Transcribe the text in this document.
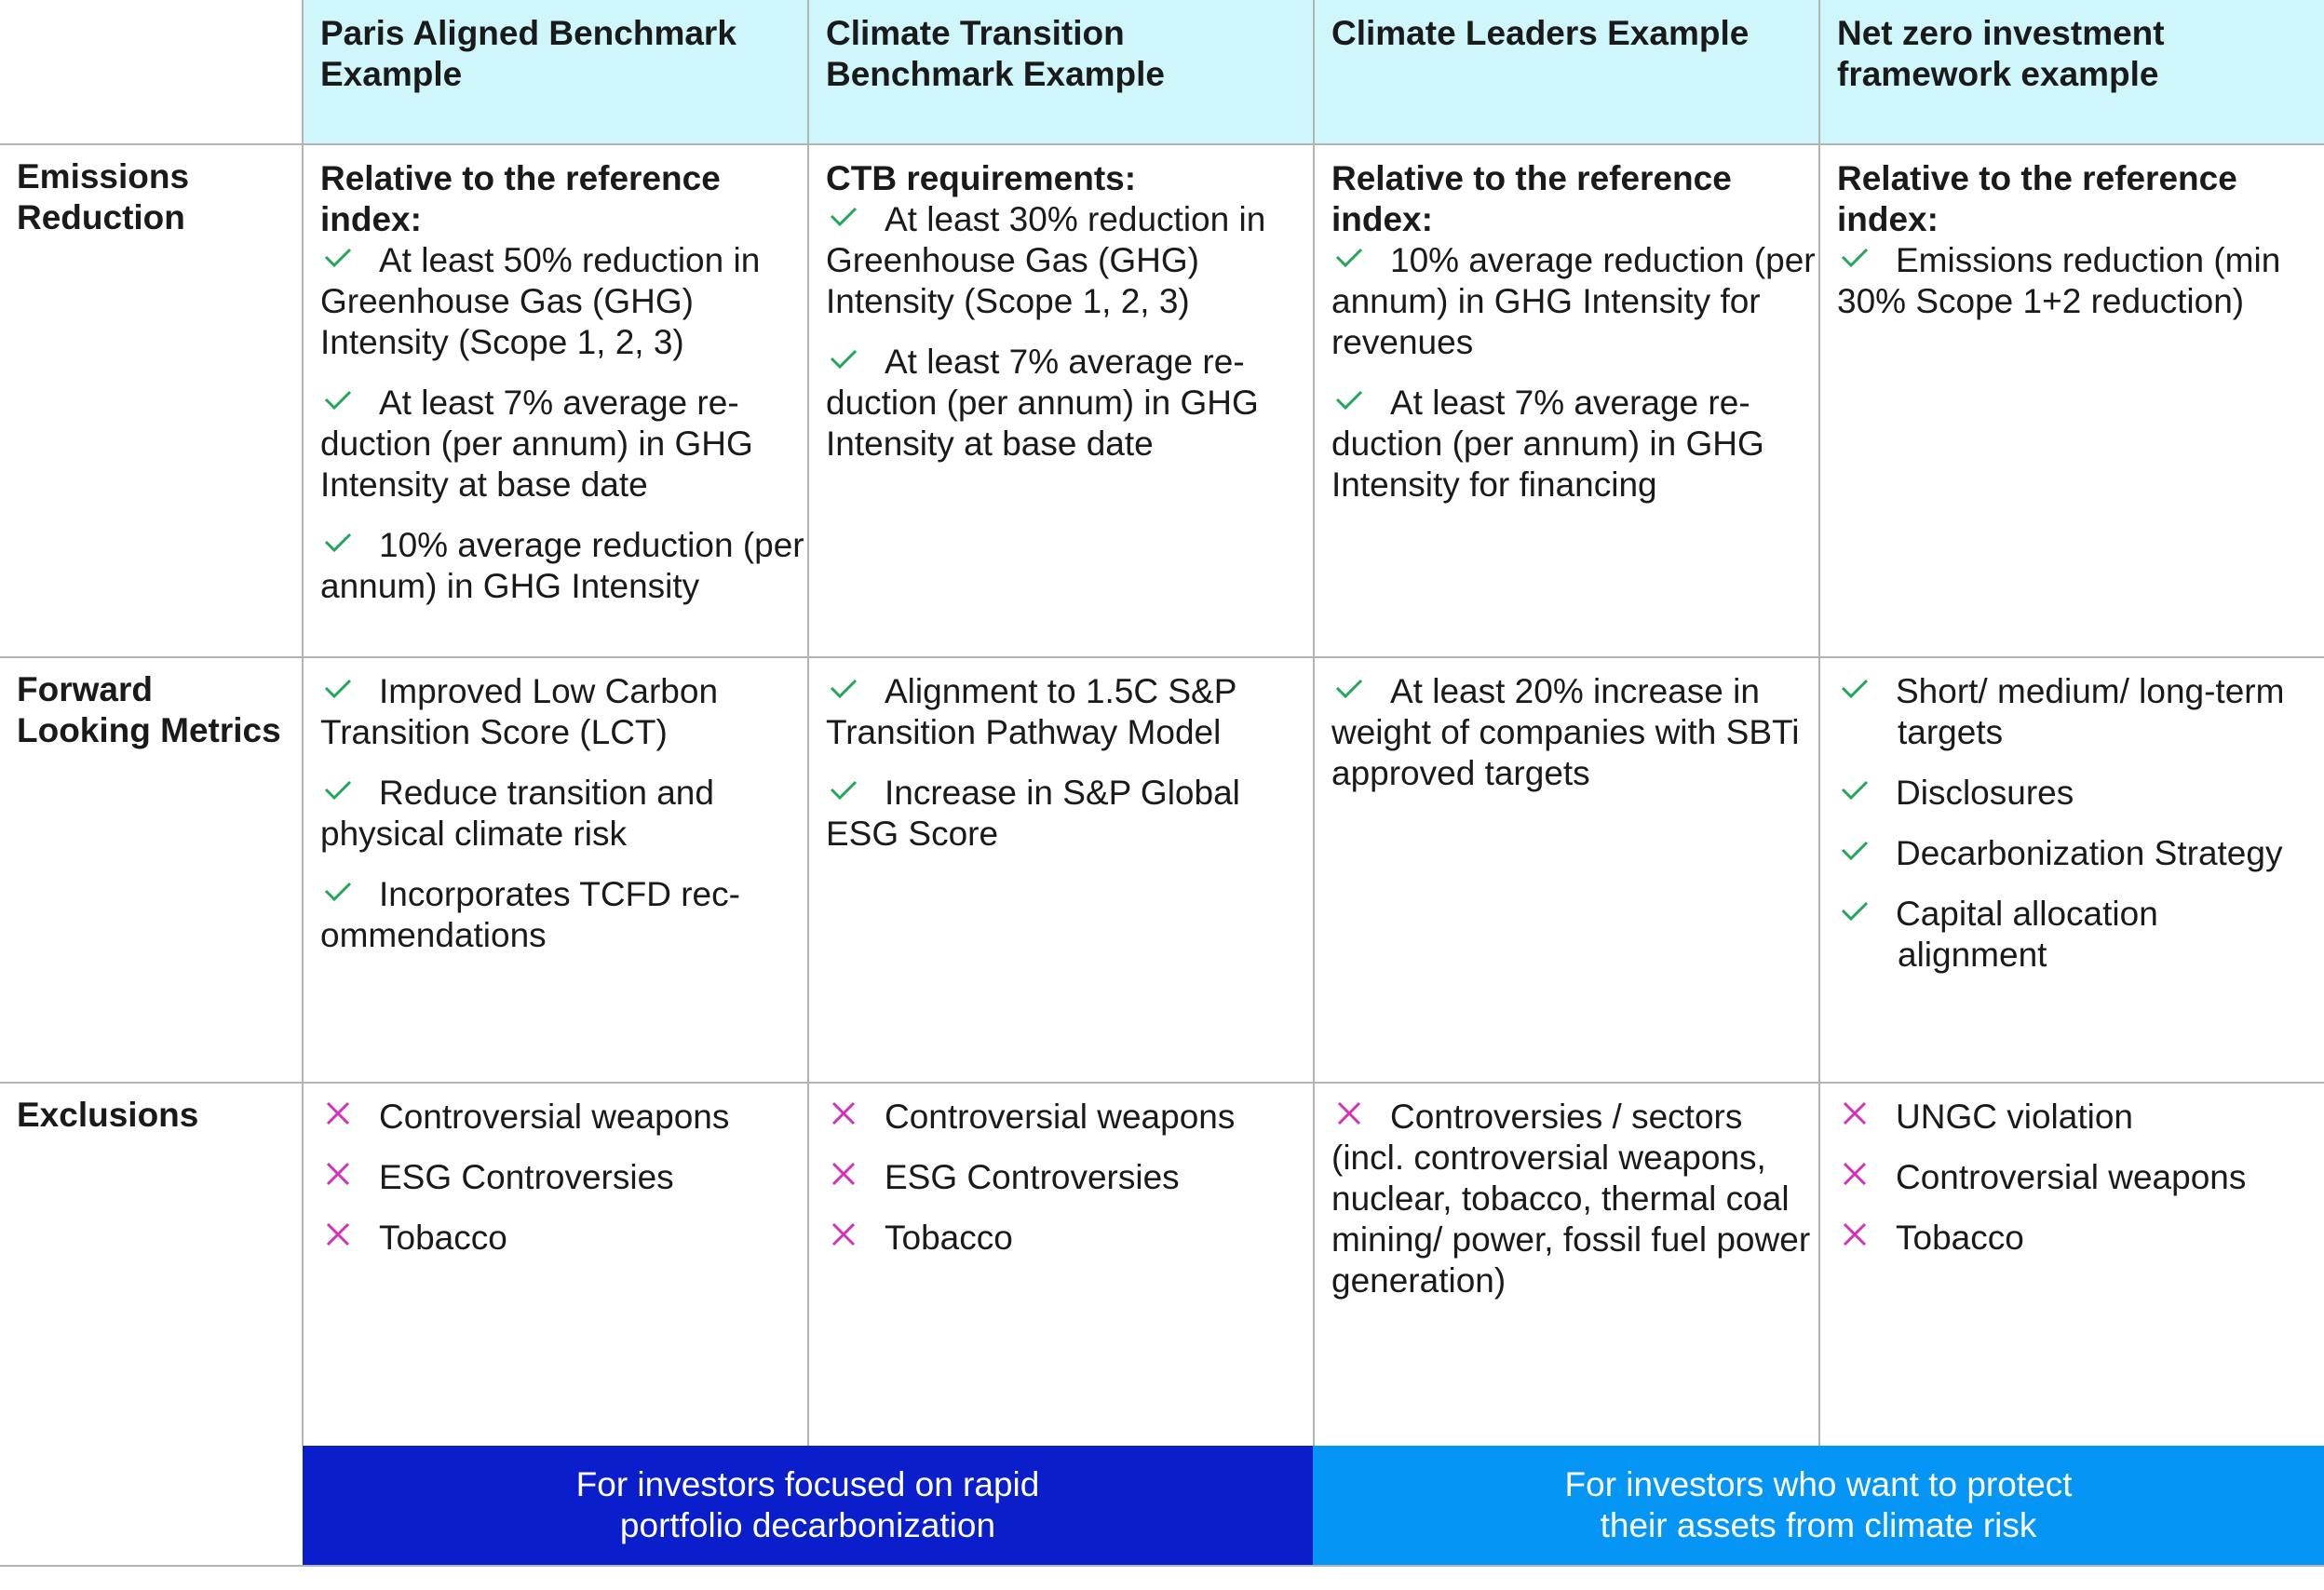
Paris Aligned Benchmark Example
Climate Transition Benchmark Example
Climate Leaders Example	Net zero investment framework example
Emissions Reduction
Forward Looking Metrics
Exclusions
Relative to the reference index:
At least 50% reduction in Greenhouse Gas (GHG) Intensity (Scope 1, 2, 3)
At least 7% average re-duction (per annum) in GHG Intensity at base date
10% average reduction (per annum) in GHG Intensity
CTB requirements:
At least 30% reduction in Greenhouse Gas (GHG) Intensity (Scope 1, 2, 3)
At least 7% average re-duction (per annum) in GHG Intensity at base date
Relative to the reference index:
10% average reduction (per annum) in GHG Intensity for revenues
At least 7% average re-duction (per annum) in GHG Intensity for financing
Relative to the reference index:
Emissions reduction (min 30% Scope 1+2 reduction)
Improved Low Carbon Transition Score (LCT)
Reduce transition and physical climate risk
Incorporates TCFD rec-ommendations
Alignment to 1.5C S&P Transition Pathway Model
Increase in S&P Global ESG Score
At least 20% increase in weight of companies with SBTi approved targets
Short/ medium/ long-term targets
Disclosures
Decarbonization Strategy
Capital allocation alignment
Controversial weapons
ESG Controversies
Tobacco
Controversial weapons
ESG Controversies
Tobacco
Controversies / sectors (incl. controversial weapons, nuclear, tobacco, thermal coal mining/ power, fossil fuel power generation)
UNGC violation
Controversial weapons
Tobacco
For investors focused on rapid portfolio decarbonization
For investors who want to protect their assets from climate risk
